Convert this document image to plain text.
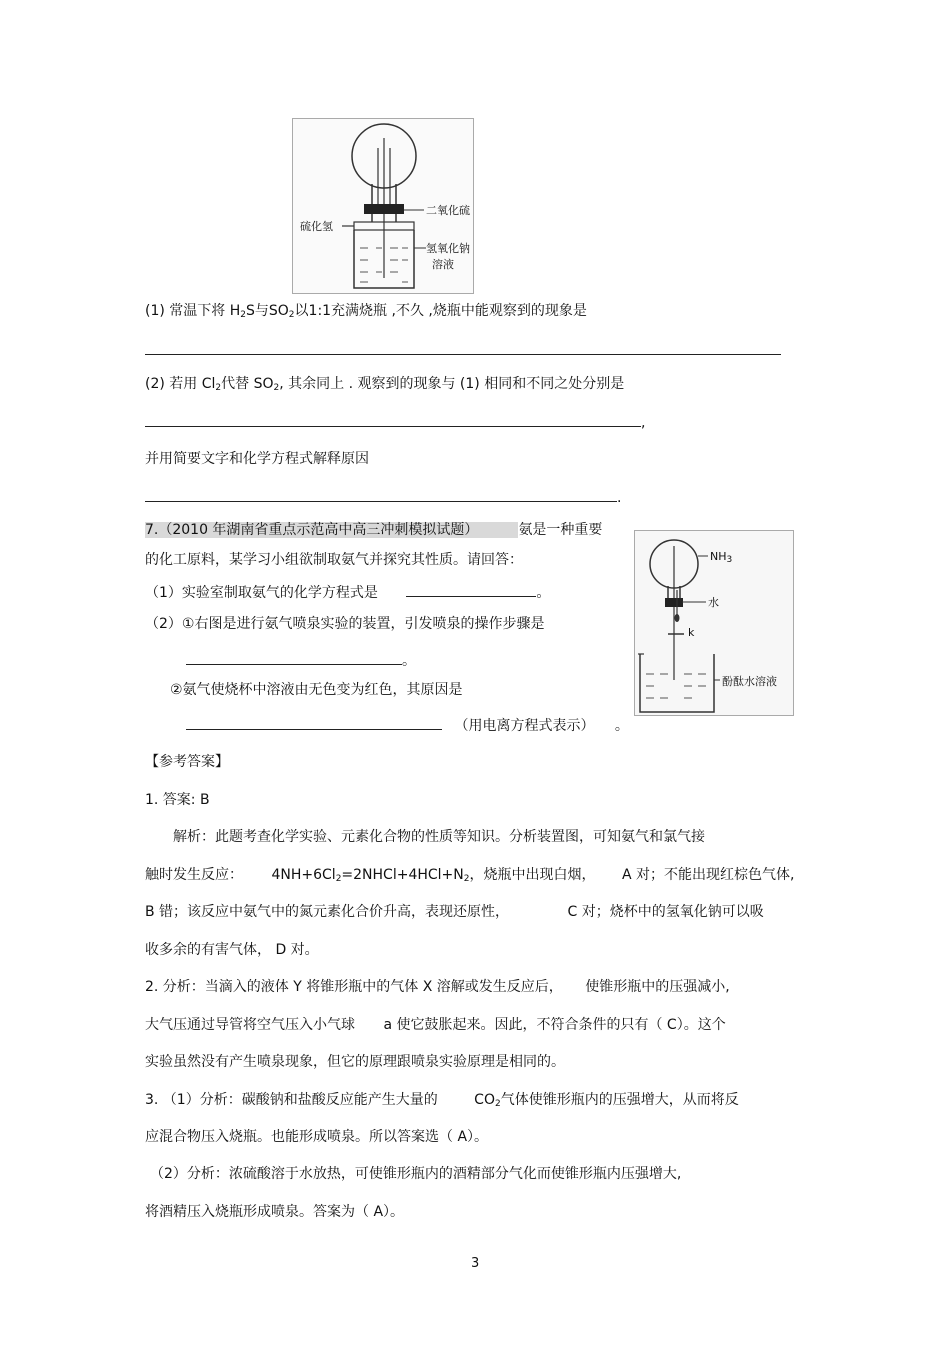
硫化氢
二氧化硫
氢氧化钠
溶液
(1) 常温下将 $H_2S$与$SO_2$以1:1充满烧瓶 ,不久 ,烧瓶中能观察到的现象是
(2) 若用 $Cl_2$代替 $SO_2$, 其余同上 . 观察到的现象与 (1) 相同和不同之处分别是
,
并用简要文字和化学方程式解释原因
.
7.（2010 年湖南省重点示范高中高三冲刺模拟试题）	氨是一种重要
的化工原料，某学习小组欲制取氨气并探究其性质。请回答：
（1）实验室制取氨气的化学方程式是	。
（2）①右图是进行氨气喷泉实验的装置，引发喷泉的操作步骤是
。
②氨气使烧杯中溶液由无色变为红色，其原因是
（用电离方程式表示） 。
$NH_3$
水
k
酚酞水溶液
【参考答案】
1. 答案: B
解析：此题考查化学实验、元素化合物的性质等知识。分析装置图，可知氨气和氯气接
触时发生反应： $4NH+6Cl_2=2NHCl+4HCl+N_2$，烧瓶中出现白烟， A 对；不能出现红棕色气体,
B 错；该反应中氨气中的氮元素化合价升高，表现还原性，	C 对；烧杯中的氢氧化钠可以吸
收多余的有害气体， D 对。
2. 分析：当滴入的液体 Y 将锥形瓶中的气体 X 溶解或发生反应后， 使锥形瓶中的压强减小,
大气压通过导管将空气压入小气球 a 使它鼓胀起来。因此，不符合条件的只有（ C）。这个
实验虽然没有产生喷泉现象，但它的原理跟喷泉实验原理是相同的。
3. （1）分析：碳酸钠和盐酸反应能产生大量的	$CO_2$气体使锥形瓶内的压强增大，从而将反
应混合物压入烧瓶。也能形成喷泉。所以答案选（ A）。
（2）分析：浓硫酸溶于水放热，可使锥形瓶内的酒精部分气化而使锥形瓶内压强增大,
将酒精压入烧瓶形成喷泉。答案为（ A）。
3
